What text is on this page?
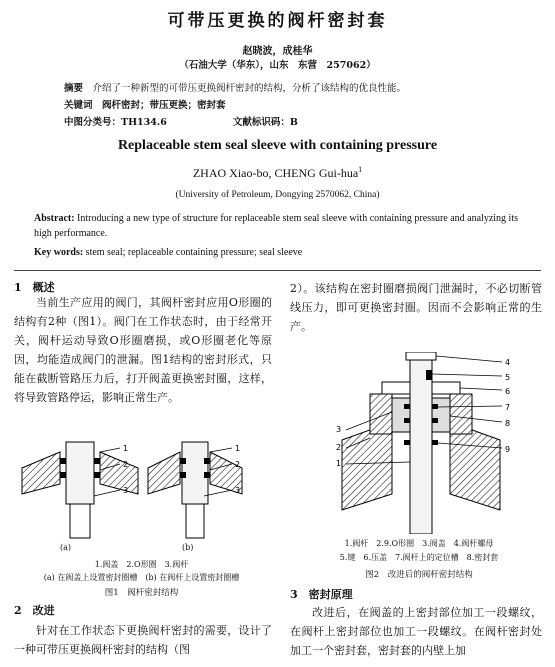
可带压更换的阀杆密封套
赵晓波，成桂华
（石油大学（华东），山东　东营　257062）
摘要　 介绍了一种新型的可带压更换阀杆密封的结构，分析了该结构的优良性能。
关键词　 阀杆密封；带压更换；密封套
中图分类号：TH134.6	文献标识码：B
Replaceable stem seal sleeve with containing pressure
ZHAO Xiao-bo, CHENG Gui-hua$^1$
(University of Petroleum, Dongying 2570062, China)
Abstract: Introducing a new type of structure for replaceable stem seal sleeve with containing pressure and analyzing its high performance.
Key words: stem seal; replaceable containing pressure; seal sleeve
1　概述

当前生产应用的阀门，其阀杆密封应用O形圈的结构有2种（图1）。阀门在工作状态时，由于经常开关，阀杆运动导致O形圈磨损，或O形圈老化等原因，均能造成阀门的泄漏。图1结构的密封形式，只能在截断管路压力后，打开阀盖更换密封圈，这样，将导致管路停运，影响正常生产。

1
2
3
1
2
3
(a)	(b)
1.阀盖　2.O形圈　3.阀杆
(a) 在阀盖上设置密封圈槽　(b) 在阀杆上设置密封圈槽
图1　阀杆密封结构
2　改进

针对在工作状态下更换阀杆密封的需要，设计了一种可带压更换阀杆密封的结构（图

2）。该结构在密封圈磨损阀门泄漏时，不必切断管线压力，即可更换密封圈。因而不会影响正常的生产。

4
5
6
7
8
9
3
2
1
1.阀杆　2.9.O形圈　3.阀盖　4.阀杆螺母
5.键　6.压盖　7.阀杆上的定位槽　8.密封套
图2　改进后的阀杆密封结构
3　密封原理

改进后，在阀盖的上密封部位加工一段螺纹，在阀杆上密封部位也加工一段螺纹。在阀杆密封处加工一个密封套，密封套的内壁上加
